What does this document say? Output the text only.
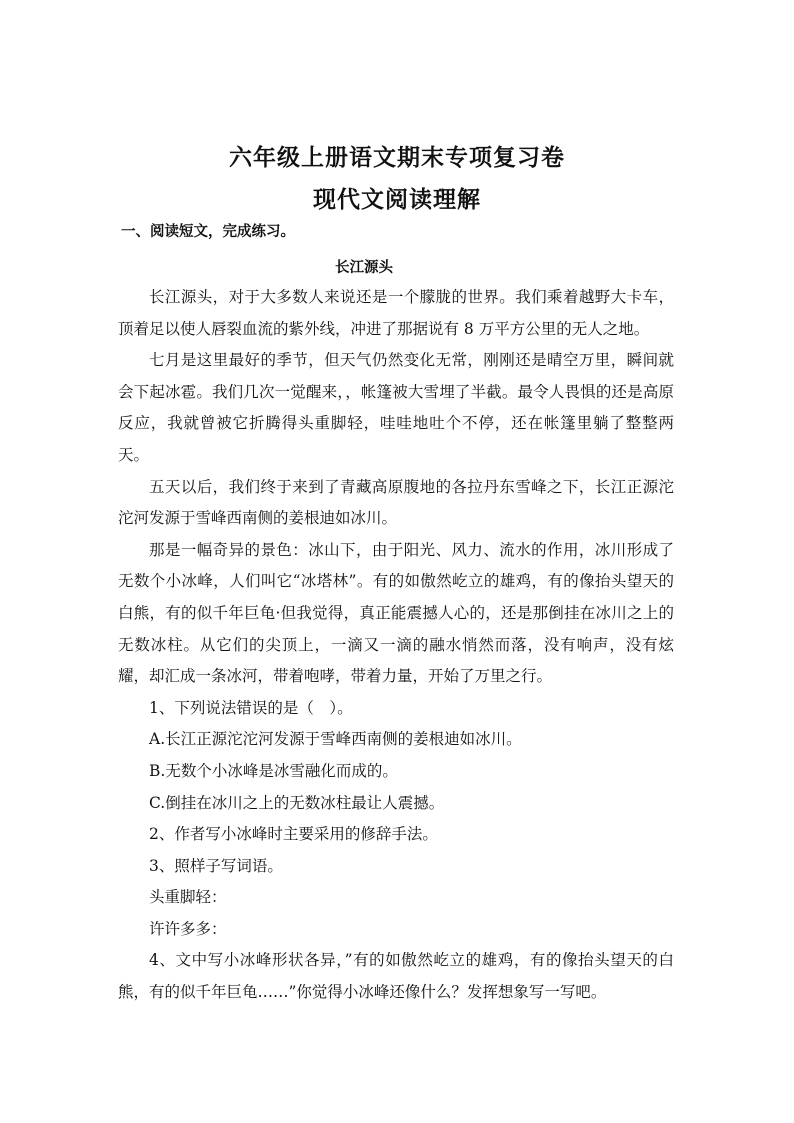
六年级上册语文期末专项复习卷
现代文阅读理解
一、阅读短文，完成练习。
长江源头

长江源头，对于大多数人来说还是一个朦胧的世界。我们乘着越野大卡车，顶着足以使人唇裂血流的紫外线，冲进了那据说有 8 万平方公里的无人之地。

七月是这里最好的季节，但天气仍然变化无常，刚刚还是晴空万里，瞬间就会下起冰雹。我们几次一觉醒来，，帐篷被大雪埋了半截。最令人畏惧的还是高原反应，我就曾被它折腾得头重脚轻，哇哇地吐个不停，还在帐篷里躺了整整两天。

五天以后，我们终于来到了青藏高原腹地的各拉丹东雪峰之下，长江正源沱沱河发源于雪峰西南侧的姜根迪如冰川。

那是一幅奇异的景色：冰山下，由于阳光、风力、流水的作用，冰川形成了无数个小冰峰，人们叫它“冰塔林”。有的如傲然屹立的雄鸡，有的像抬头望天的白熊，有的似千年巨龟·但我觉得，真正能震撼人心的，还是那倒挂在冰川之上的无数冰柱。从它们的尖顶上，一滴又一滴的融水悄然而落，没有响声，没有炫耀，却汇成一条冰河，带着咆哮，带着力量，开始了万里之行。

1、下列说法错误的是（　）。

A.长江正源沱沱河发源于雪峰西南侧的姜根迪如冰川。

B.无数个小冰峰是冰雪融化而成的。

C.倒挂在冰川之上的无数冰柱最让人震撼。

2、作者写小冰峰时主要采用的修辞手法。

3、照样子写词语。

头重脚轻：

许许多多：

4、文中写小冰峰形状各异，”有的如傲然屹立的雄鸡，有的像抬头望天的白熊，有的似千年巨龟……”你觉得小冰峰还像什么？发挥想象写一写吧。
